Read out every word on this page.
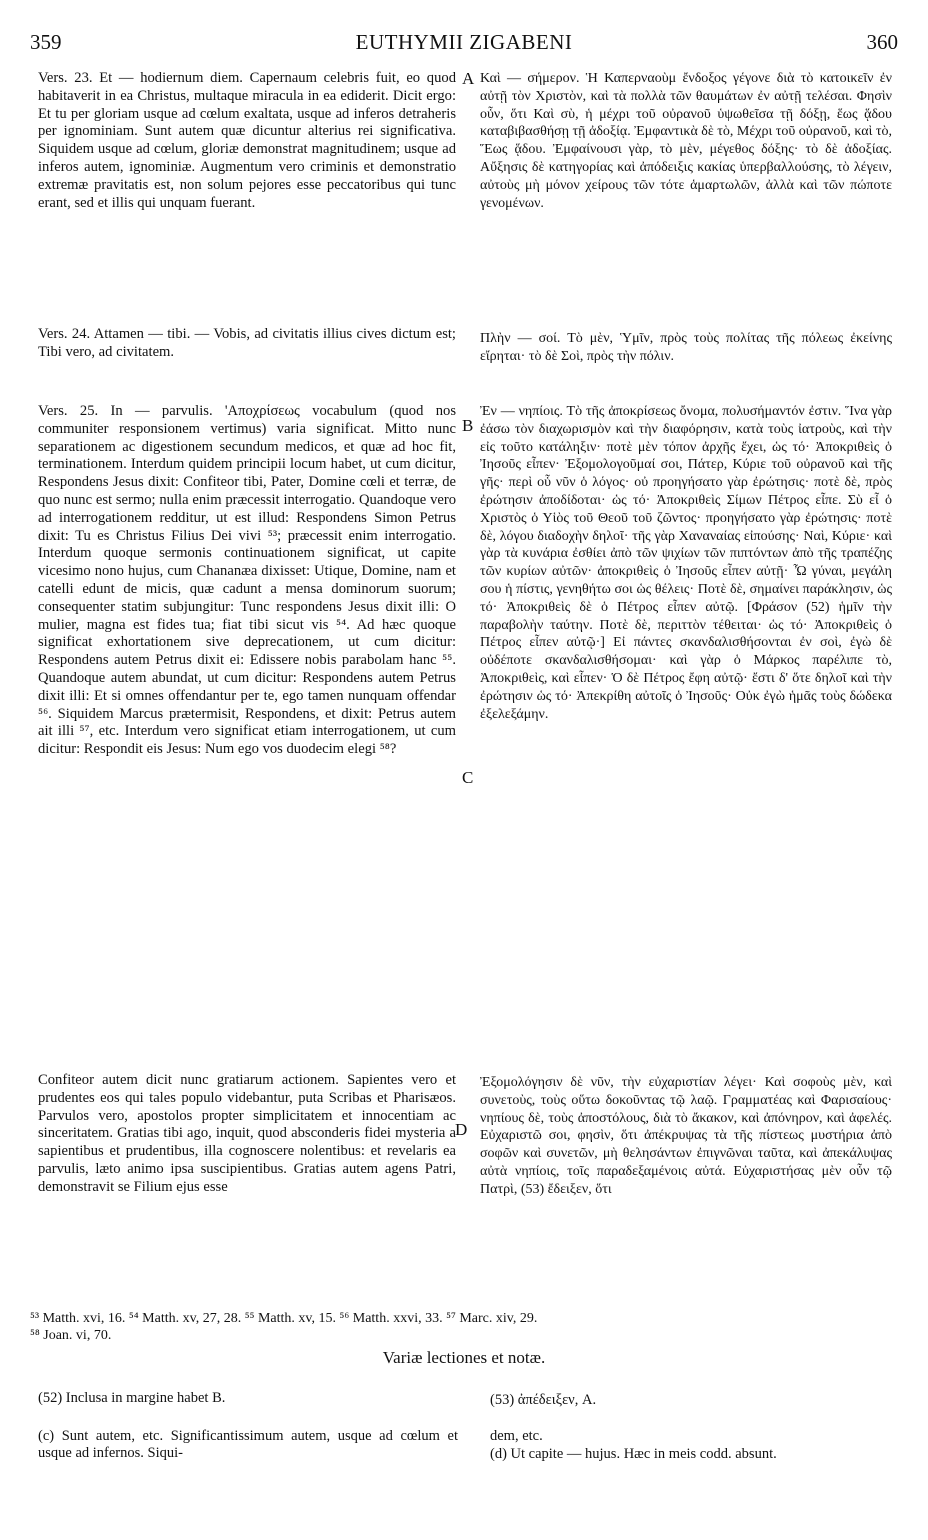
359	EUTHYMII ZIGABENI	360

Vers. 23. Et — hodiernum diem. Capernaum celebris fuit, eo quod habitaverit in ea Christus, multaque miracula in ea ediderit. Dicit ergo: Et tu per gloriam usque ad cœlum exaltata, usque ad inferos detraheris per ignominiam. Sunt autem quæ dicuntur alterius rei significativa. Siquidem usque ad cœlum, gloriæ demonstrat magnitudinem; usque ad inferos autem, ignominiæ. Augmentum vero criminis et demonstratio extremæ pravitatis est, non solum pejores esse peccatoribus qui tunc erant, sed et illis qui unquam fuerant.

Vers. 24. Attamen — tibi. — Vobis, ad civitatis illius cives dictum est; Tibi vero, ad civitatem.

Vers. 25. In — parvulis. 'Αποχρίσεως vocabulum (quod nos communiter responsionem vertimus) varia significat. Mitto nunc separationem ac digestionem secundum medicos, et quæ ad hoc fit, terminationem. Interdum quidem principii locum habet, ut cum dicitur, Respondens Jesus dixit: Confiteor tibi, Pater, Domine cœli et terræ, de quo nunc est sermo; nulla enim præcessit interrogatio. Quandoque vero ad interrogationem redditur, ut est illud: Respondens Simon Petrus dixit: Tu es Christus Filius Dei vivi ⁵³; præcessit enim interrogatio. Interdum quoque sermonis continuationem significat, ut capite vicesimo nono hujus, cum Chananæa dixisset: Utique, Domine, nam et catelli edunt de micis, quæ cadunt a mensa dominorum suorum; consequenter statim subjungitur: Tunc respondens Jesus dixit illi: O mulier, magna est fides tua; fiat tibi sicut vis ⁵⁴. Ad hæc quoque significat exhortationem sive deprecationem, ut cum dicitur: Respondens autem Petrus dixit ei: Edissere nobis parabolam hanc ⁵⁵. Quandoque autem abundat, ut cum dicitur: Respondens autem Petrus dixit illi: Et si omnes offendantur per te, ego tamen nunquam offendar ⁵⁶. Siquidem Marcus prætermisit, Respondens, et dixit: Petrus autem ait illi ⁵⁷, etc. Interdum vero significat etiam interrogationem, ut cum dicitur: Respondit eis Jesus: Num ego vos duodecim elegi ⁵⁸?

Confiteor autem dicit nunc gratiarum actionem. Sapientes vero et prudentes eos qui tales populo videbantur, puta Scribas et Pharisæos. Parvulos vero, apostolos propter simplicitatem et innocentiam ac sinceritatem. Gratias tibi ago, inquit, quod absconderis fidei mysteria a sapientibus et prudentibus, illa cognoscere nolentibus: et revelaris ea parvulis, læto animo ipsa suscipientibus. Gratias autem agens Patri, demonstravit se Filium ejus esse

A
B
C
D

Καὶ — σήμερον. Ἡ Καπερναοὺμ ἔνδοξος γέγονε διὰ τὸ κατοικεῖν ἐν αὐτῇ τὸν Χριστὸν, καὶ τὰ πολλὰ τῶν θαυμάτων ἐν αὐτῇ τελέσαι. Φησὶν οὖν, ὅτι Καὶ σὺ, ἡ μέχρι τοῦ οὐρανοῦ ὑψωθεῖσα τῇ δόξῃ, ἕως ᾅδου καταβιβασθήσῃ τῇ ἀδοξίᾳ. Ἐμφαντικὰ δὲ τὸ, Μέχρι τοῦ οὐρανοῦ, καὶ τὸ, Ἕως ᾅδου. Ἐμφαίνουσι γὰρ, τὸ μὲν, μέγεθος δόξης· τὸ δὲ ἀδοξίας. Αὔξησις δὲ κατηγορίας καὶ ἀπόδειξις κακίας ὑπερβαλλούσης, τὸ λέγειν, αὐτοὺς μὴ μόνον χείρους τῶν τότε ἁμαρτωλῶν, ἀλλὰ καὶ τῶν πώποτε γενομένων.

Πλὴν — σοί. Τὸ μὲν, Ὑμῖν, πρὸς τοὺς πολίτας τῆς πόλεως ἐκείνης εἴρηται· τὸ δὲ Σοὶ, πρὸς τὴν πόλιν.

Ἐν — νηπίοις. Τὸ τῆς ἀποκρίσεως ὄνομα, πολυσήμαντόν ἐστιν. Ἵνα γὰρ ἐάσω τὸν διαχωρισμὸν καὶ τὴν διαφόρησιν, κατὰ τοὺς ἰατροὺς, καὶ τὴν εἰς τοῦτο κατάληξιν· ποτὲ μὲν τόπον ἀρχῆς ἔχει, ὡς τό· Ἀποκριθεὶς ὁ Ἰησοῦς εἶπεν· Ἐξομολογοῦμαί σοι, Πάτερ, Κύριε τοῦ οὐρανοῦ καὶ τῆς γῆς· περὶ οὗ νῦν ὁ λόγος· οὐ προηγήσατο γὰρ ἐρώτησις· ποτὲ δὲ, πρὸς ἐρώτησιν ἀποδίδοται· ὡς τό· Ἀποκριθεὶς Σίμων Πέτρος εἶπε. Σὺ εἶ ὁ Χριστὸς ὁ Υἱὸς τοῦ Θεοῦ τοῦ ζῶντος· προηγήσατο γὰρ ἐρώτησις· ποτὲ δὲ, λόγου διαδοχὴν δηλοῖ· τῆς γὰρ Χαναναίας εἰπούσης· Ναὶ, Κύριε· καὶ γὰρ τὰ κυνάρια ἐσθίει ἀπὸ τῶν ψιχίων τῶν πιπτόντων ἀπὸ τῆς τραπέζης τῶν κυρίων αὐτῶν· ἀποκριθεὶς ὁ Ἰησοῦς εἶπεν αὐτῇ· Ὦ γύναι, μεγάλη σου ἡ πίστις, γενηθήτω σοι ὡς θέλεις· Ποτὲ δὲ, σημαίνει παράκλησιν, ὡς τό· Ἀποκριθεὶς δὲ ὁ Πέτρος εἶπεν αὐτῷ. [Φράσον (52) ἡμῖν τὴν παραβολὴν ταύτην. Ποτὲ δὲ, περιττὸν τέθειται· ὡς τό· Ἀποκριθεὶς ὁ Πέτρος εἶπεν αὐτῷ·] Εἰ πάντες σκανδαλισθήσονται ἐν σοὶ, ἐγὼ δὲ οὐδέποτε σκανδαλισθήσομαι· καὶ γὰρ ὁ Μάρκος παρέλιπε τὸ, Ἀποκριθεὶς, καὶ εἶπεν· Ὁ δὲ Πέτρος ἔφη αὐτῷ· ἔστι δ' ὅτε δηλοῖ καὶ τὴν ἐρώτησιν ὡς τό· Ἀπεκρίθη αὐτοῖς ὁ Ἰησοῦς· Οὐκ ἐγὼ ἡμᾶς τοὺς δώδεκα ἐξελεξάμην.

Ἐξομολόγησιν δὲ νῦν, τὴν εὐχαριστίαν λέγει· Καὶ σοφοὺς μὲν, καὶ συνετοὺς, τοὺς οὕτω δοκοῦντας τῷ λαῷ. Γραμματέας καὶ Φαρισαίους· νηπίους δὲ, τοὺς ἀποστόλους, διὰ τὸ ἄκακον, καὶ ἀπόνηρον, καὶ ἀφελές. Εὐχαριστῶ σοι, φησὶν, ὅτι ἀπέκρυψας τὰ τῆς πίστεως μυστήρια ἀπὸ σοφῶν καὶ συνετῶν, μὴ θελησάντων ἐπιγνῶναι ταῦτα, καὶ ἀπεκάλυψας αὐτὰ νηπίοις, τοῖς παραδεξαμένοις αὐτά. Εὐχαριστήσας μὲν οὖν τῷ Πατρὶ, (53) ἔδειξεν, ὅτι

⁵³ Matth. xvi, 16. ⁵⁴ Matth. xv, 27, 28. ⁵⁵ Matth. xv, 15. ⁵⁶ Matth. xxvi, 33. ⁵⁷ Marc. xiv, 29.
⁵⁸ Joan. vi, 70.
Variæ lectiones et notæ.
(52) Inclusa in margine habet B.	(53) ἀπέδειξεν, A.
(c) Sunt autem, etc. Significantissimum autem, usque ad cœlum et usque ad infernos. Siqui-
dem, etc.
(d) Ut capite — hujus. Hæc in meis codd. absunt.
